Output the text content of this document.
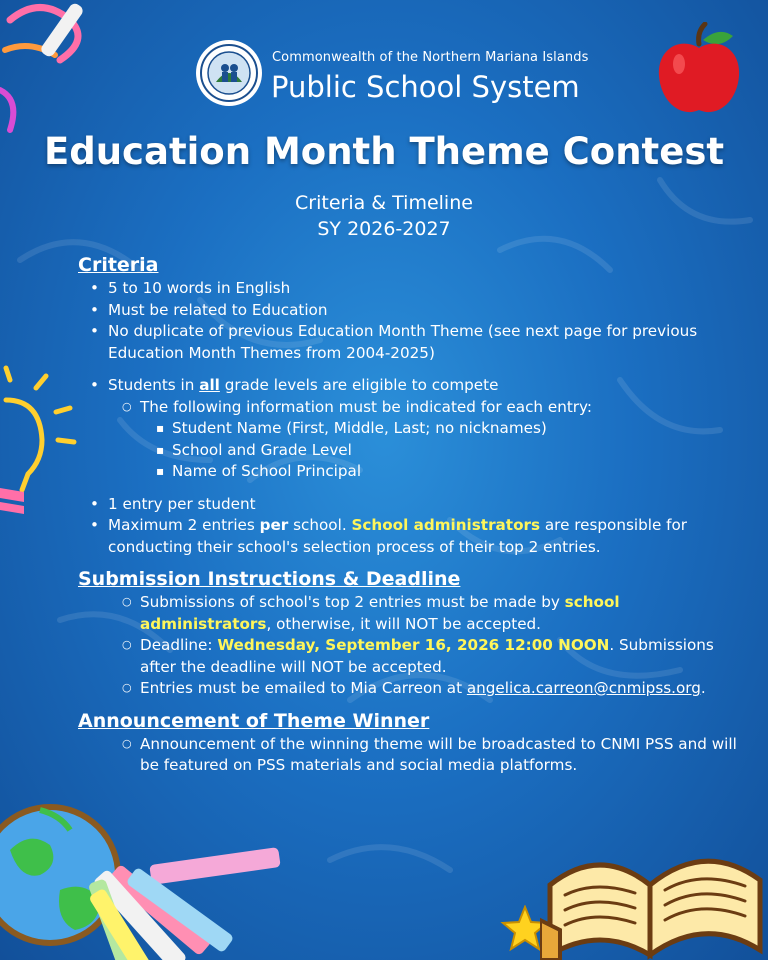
Commonwealth of the Northern Mariana Islands
Public School System
Education Month Theme Contest
Criteria & Timeline
SY 2026-2027
Criteria
• 5 to 10 words in English
• Must be related to Education
• No duplicate of previous Education Month Theme (see next page for previous Education Month Themes from 2004-2025)
• Students in all grade levels are eligible to compete
○ The following information must be indicated for each entry:
▪ Student Name (First, Middle, Last; no nicknames)
▪ School and Grade Level
▪ Name of School Principal
• 1 entry per student
• Maximum 2 entries per school. School administrators are responsible for conducting their school's selection process of their top 2 entries.
Submission Instructions & Deadline
○ Submissions of school's top 2 entries must be made by school administrators, otherwise, it will NOT be accepted.
○ Deadline: Wednesday, September 16, 2026 12:00 NOON. Submissions after the deadline will NOT be accepted.
○ Entries must be emailed to Mia Carreon at angelica.carreon@cnmipss.org.
Announcement of Theme Winner
○ Announcement of the winning theme will be broadcasted to CNMI PSS and will be featured on PSS materials and social media platforms.
